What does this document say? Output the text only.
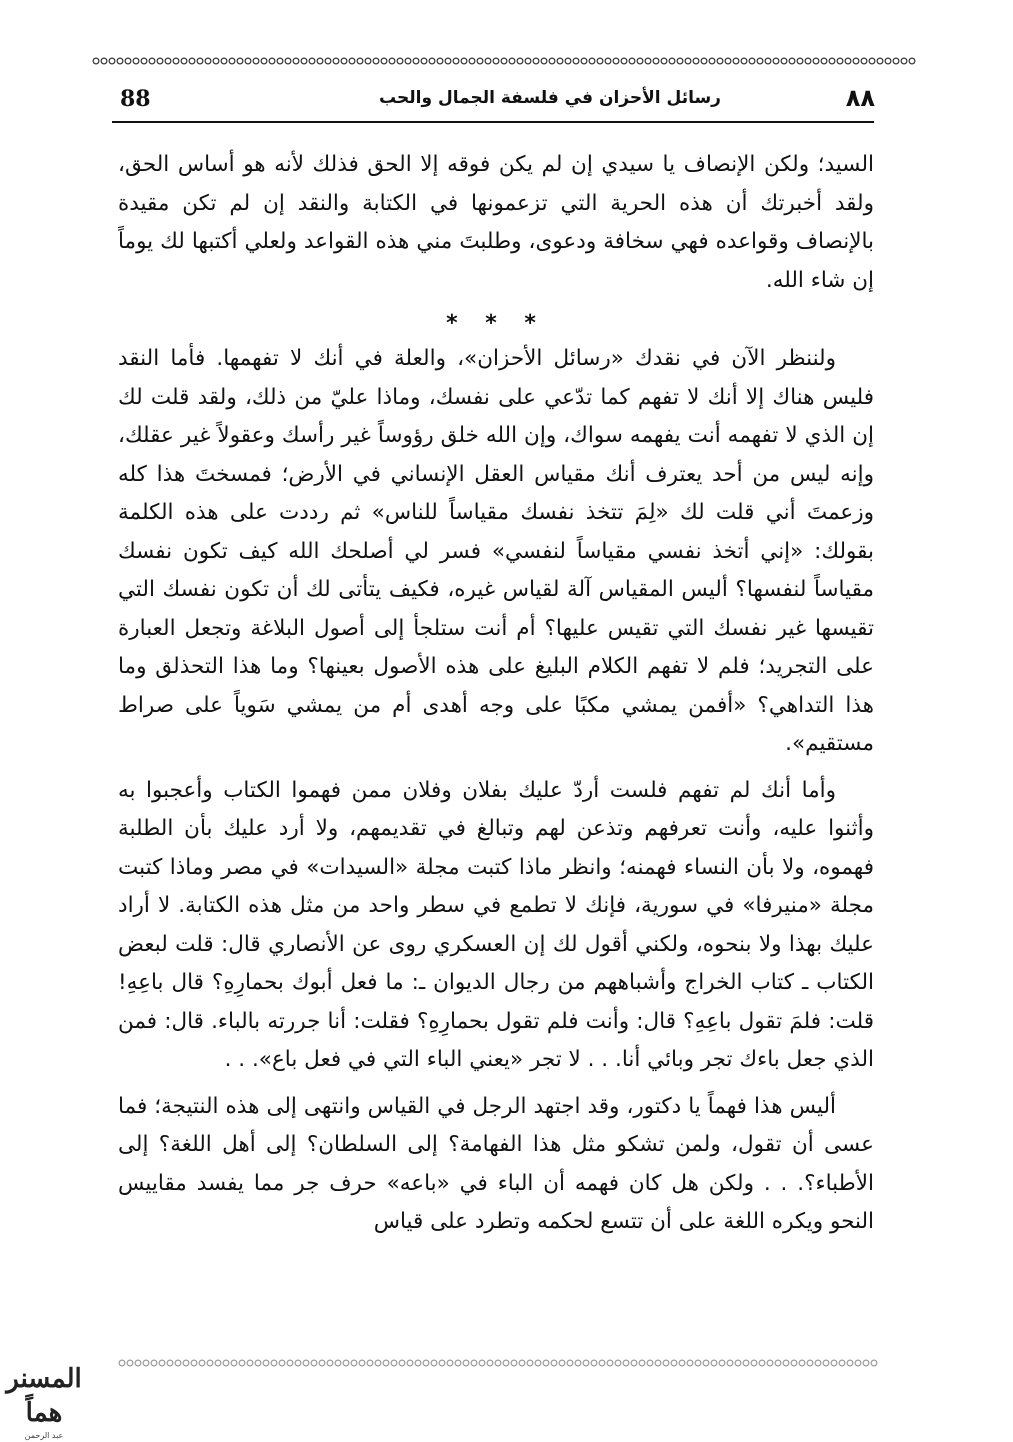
88	رسائل الأحزان في فلسفة الجمال والحب	٨٨

السيد؛ ولكن الإنصاف يا سيدي إن لم يكن فوقه إلا الحق فذلك لأنه هو أساس الحق، ولقد أخبرتك أن هذه الحرية التي تزعمونها في الكتابة والنقد إن لم تكن مقيدة بالإنصاف وقواعده فهي سخافة ودعوى، وطلبتَ مني هذه القواعد ولعلي أكتبها لك يوماً إن شاء الله.

* * *

ولننظر الآن في نقدك «رسائل الأحزان»، والعلة في أنك لا تفهمها. فأما النقد فليس هناك إلا أنك لا تفهم كما تدّعي على نفسك، وماذا عليّ من ذلك، ولقد قلت لك إن الذي لا تفهمه أنت يفهمه سواك، وإن الله خلق رؤوساً غير رأسك وعقولاً غير عقلك، وإنه ليس من أحد يعترف أنك مقياس العقل الإنساني في الأرض؛ فمسختَ هذا كله وزعمتَ أني قلت لك «لِمَ تتخذ نفسك مقياساً للناس» ثم رددت على هذه الكلمة بقولك: «إني أتخذ نفسي مقياساً لنفسي» فسر لي أصلحك الله كيف تكون نفسك مقياساً لنفسها؟ أليس المقياس آلة لقياس غيره، فكيف يتأتى لك أن تكون نفسك التي تقيسها غير نفسك التي تقيس عليها؟ أم أنت ستلجأ إلى أصول البلاغة وتجعل العبارة على التجريد؛ فلم لا تفهم الكلام البليغ على هذه الأصول بعينها؟ وما هذا التحذلق وما هذا التداهي؟ «أفمن يمشي مكبًا على وجه أهدى أم من يمشي سَوياً على صراط مستقيم».

وأما أنك لم تفهم فلست أردّ عليك بفلان وفلان ممن فهموا الكتاب وأعجبوا به وأثنوا عليه، وأنت تعرفهم وتذعن لهم وتبالغ في تقديمهم، ولا أرد عليك بأن الطلبة فهموه، ولا بأن النساء فهمنه؛ وانظر ماذا كتبت مجلة «السيدات» في مصر وماذا كتبت مجلة «منيرفا» في سورية، فإنك لا تطمع في سطر واحد من مثل هذه الكتابة. لا أراد عليك بهذا ولا بنحوه، ولكني أقول لك إن العسكري روى عن الأنصاري قال: قلت لبعض الكتاب ـ كتاب الخراج وأشباههم من رجال الديوان ـ: ما فعل أبوك بحمارِهِ؟ قال باعِهِ! قلت: فلمَ تقول باعِهِ؟ قال: وأنت فلم تقول بحمارِهِ؟ فقلت: أنا جررته بالباء. قال: فمن الذي جعل باءك تجر وبائي أنا. . . لا تجر «يعني الباء التي في فعل باع». . .

أليس هذا فهماً يا دكتور، وقد اجتهد الرجل في القياس وانتهى إلى هذه النتيجة؛ فما عسى أن تقول، ولمن تشكو مثل هذا الفهامة؟ إلى السلطان؟ إلى أهل اللغة؟ إلى الأطباء؟. . . ولكن هل كان فهمه أن الباء في «باعه» حرف جر مما يفسد مقاييس النحو ويكره اللغة على أن تتسع لحكمه وتطرد على قياس

المسنر هماً
عبد الرحمن
